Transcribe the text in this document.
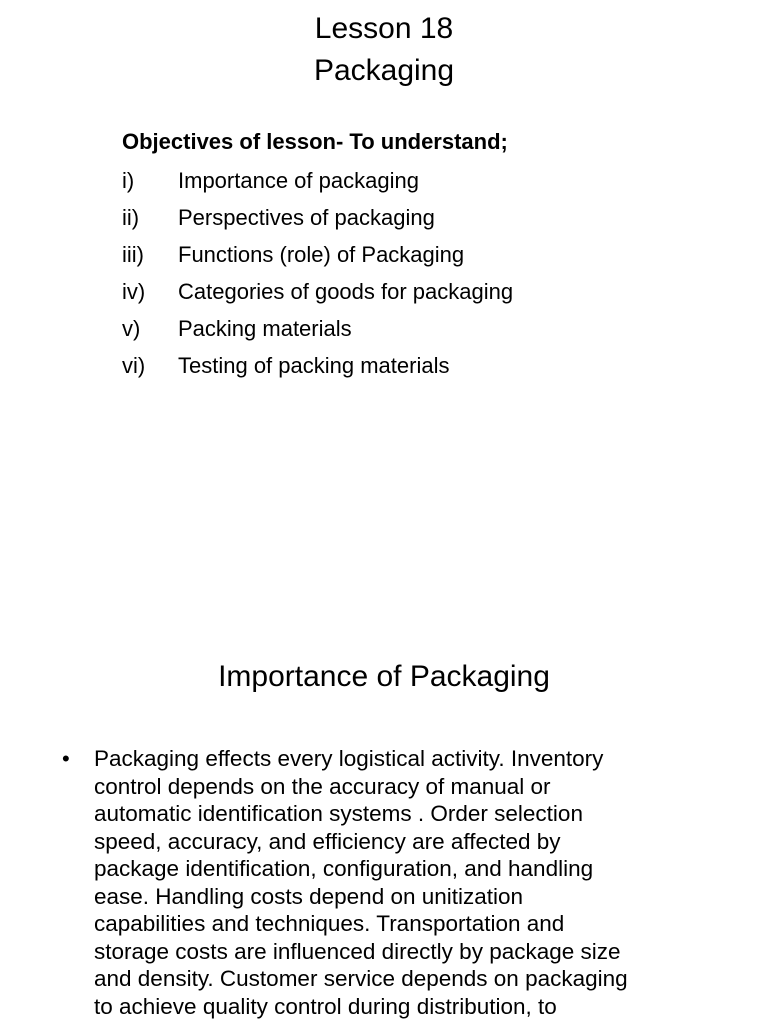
Lesson 18
Packaging

Objectives of lesson- To understand;

i)	Importance of packaging
ii)	Perspectives of packaging
iii)	Functions (role) of Packaging
iv)	Categories of goods for packaging
v)	Packing materials
vi)	Testing of packing materials
Importance of Packaging
•	Packaging effects every logistical activity. Inventory
control depends on the accuracy of manual or
automatic identification systems . Order selection
speed, accuracy, and efficiency are affected by
package identification, configuration, and handling
ease. Handling costs depend on unitization
capabilities and techniques. Transportation and
storage costs are influenced directly by package size
and density. Customer service depends on packaging
to achieve quality control during distribution, to
